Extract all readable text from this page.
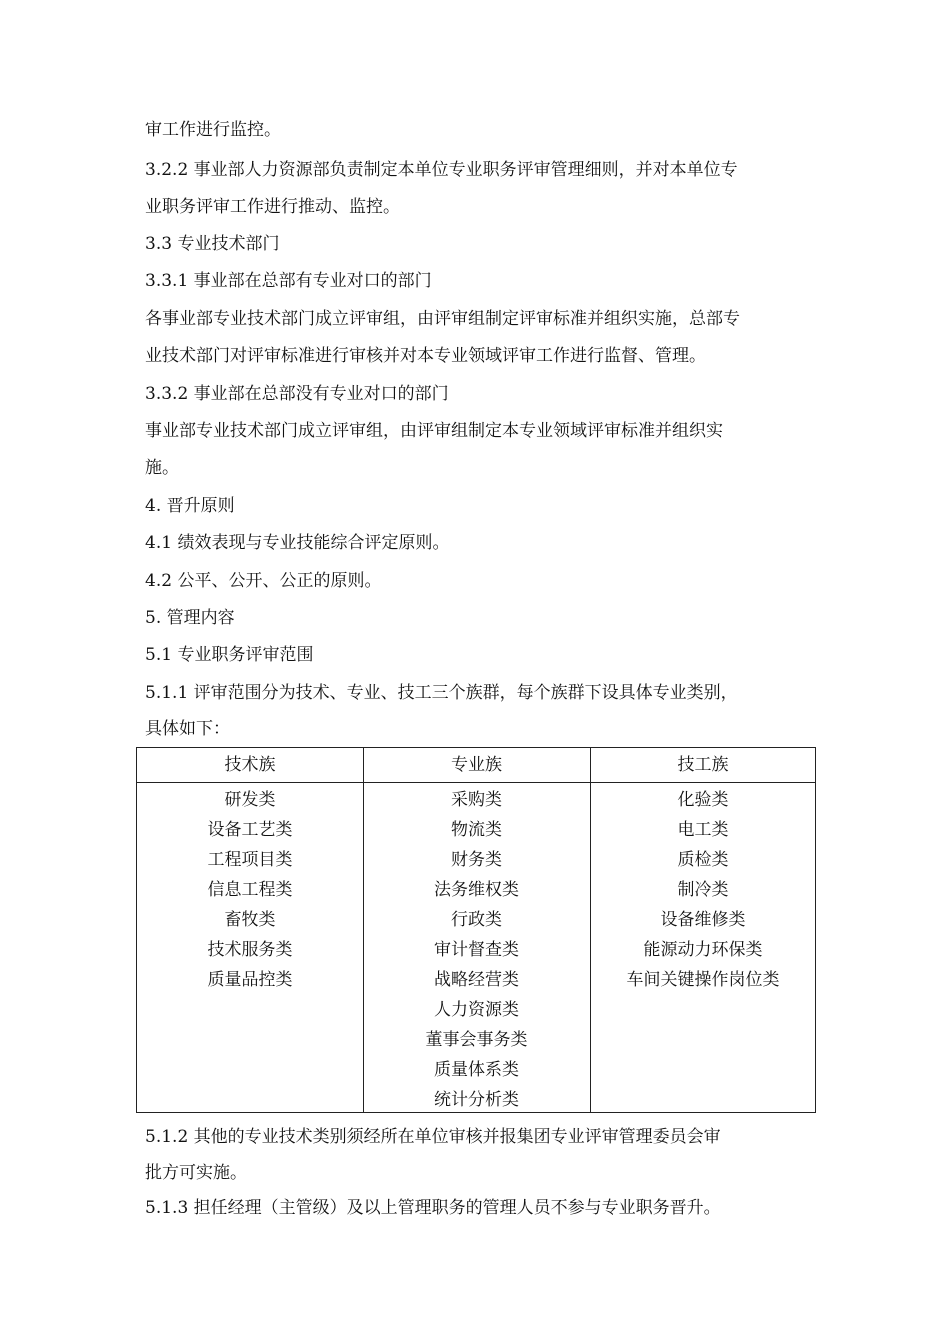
审工作进行监控。
3.2.2 事业部人力资源部负责制定本单位专业职务评审管理细则，并对本单位专
业职务评审工作进行推动、监控。
3.3 专业技术部门
3.3.1 事业部在总部有专业对口的部门
各事业部专业技术部门成立评审组，由评审组制定评审标准并组织实施，总部专
业技术部门对评审标准进行审核并对本专业领域评审工作进行监督、管理。
3.3.2 事业部在总部没有专业对口的部门
事业部专业技术部门成立评审组，由评审组制定本专业领域评审标准并组织实
施。
4. 晋升原则
4.1 绩效表现与专业技能综合评定原则。
4.2 公平、公开、公正的原则。
5. 管理内容
5.1 专业职务评审范围
5.1.1 评审范围分为技术、专业、技工三个族群，每个族群下设具体专业类别，
具体如下：
技术族	专业族	技工族
研发类
设备工艺类
工程项目类
信息工程类
畜牧类
技术服务类
质量品控类
采购类
物流类
财务类
法务维权类
行政类
审计督查类
战略经营类
人力资源类
董事会事务类
质量体系类
统计分析类
化验类
电工类
质检类
制冷类
设备维修类
能源动力环保类
车间关键操作岗位类
5.1.2 其他的专业技术类别须经所在单位审核并报集团专业评审管理委员会审
批方可实施。
5.1.3 担任经理（主管级）及以上管理职务的管理人员不参与专业职务晋升。
